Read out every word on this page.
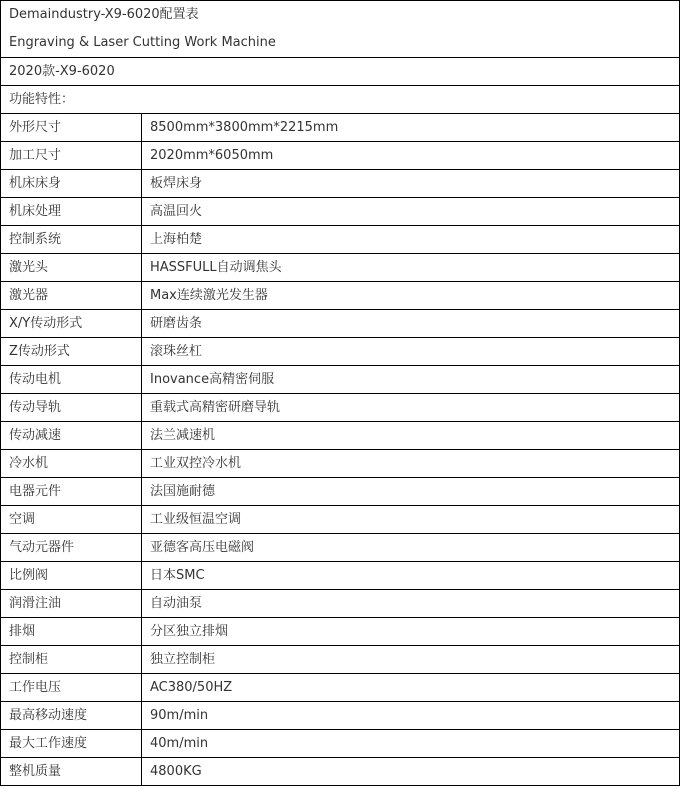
Demaindustry-X9-6020配置表
Engraving & Laser Cutting Work Machine	

2020款-X9-6020	
功能特性：	
外形尺寸	8500mm*3800mm*2215mm
加工尺寸	2020mm*6050mm
机床床身	板焊床身
机床处理	高温回火
控制系统	上海柏楚
激光头	HASSFULL自动调焦头
激光器	Max连续激光发生器
X/Y传动形式	研磨齿条
Z传动形式	滚珠丝杠
传动电机	Inovance高精密伺服
传动导轨	重载式高精密研磨导轨
传动减速	法兰减速机
冷水机	工业双控冷水机
电器元件	法国施耐德
空调	工业级恒温空调
气动元器件	亚德客高压电磁阀
比例阀	日本SMC
润滑注油	自动油泵
排烟	分区独立排烟
控制柜	独立控制柜
工作电压	AC380/50HZ
最高移动速度	90m/min
最大工作速度	40m/min
整机质量	4800KG
